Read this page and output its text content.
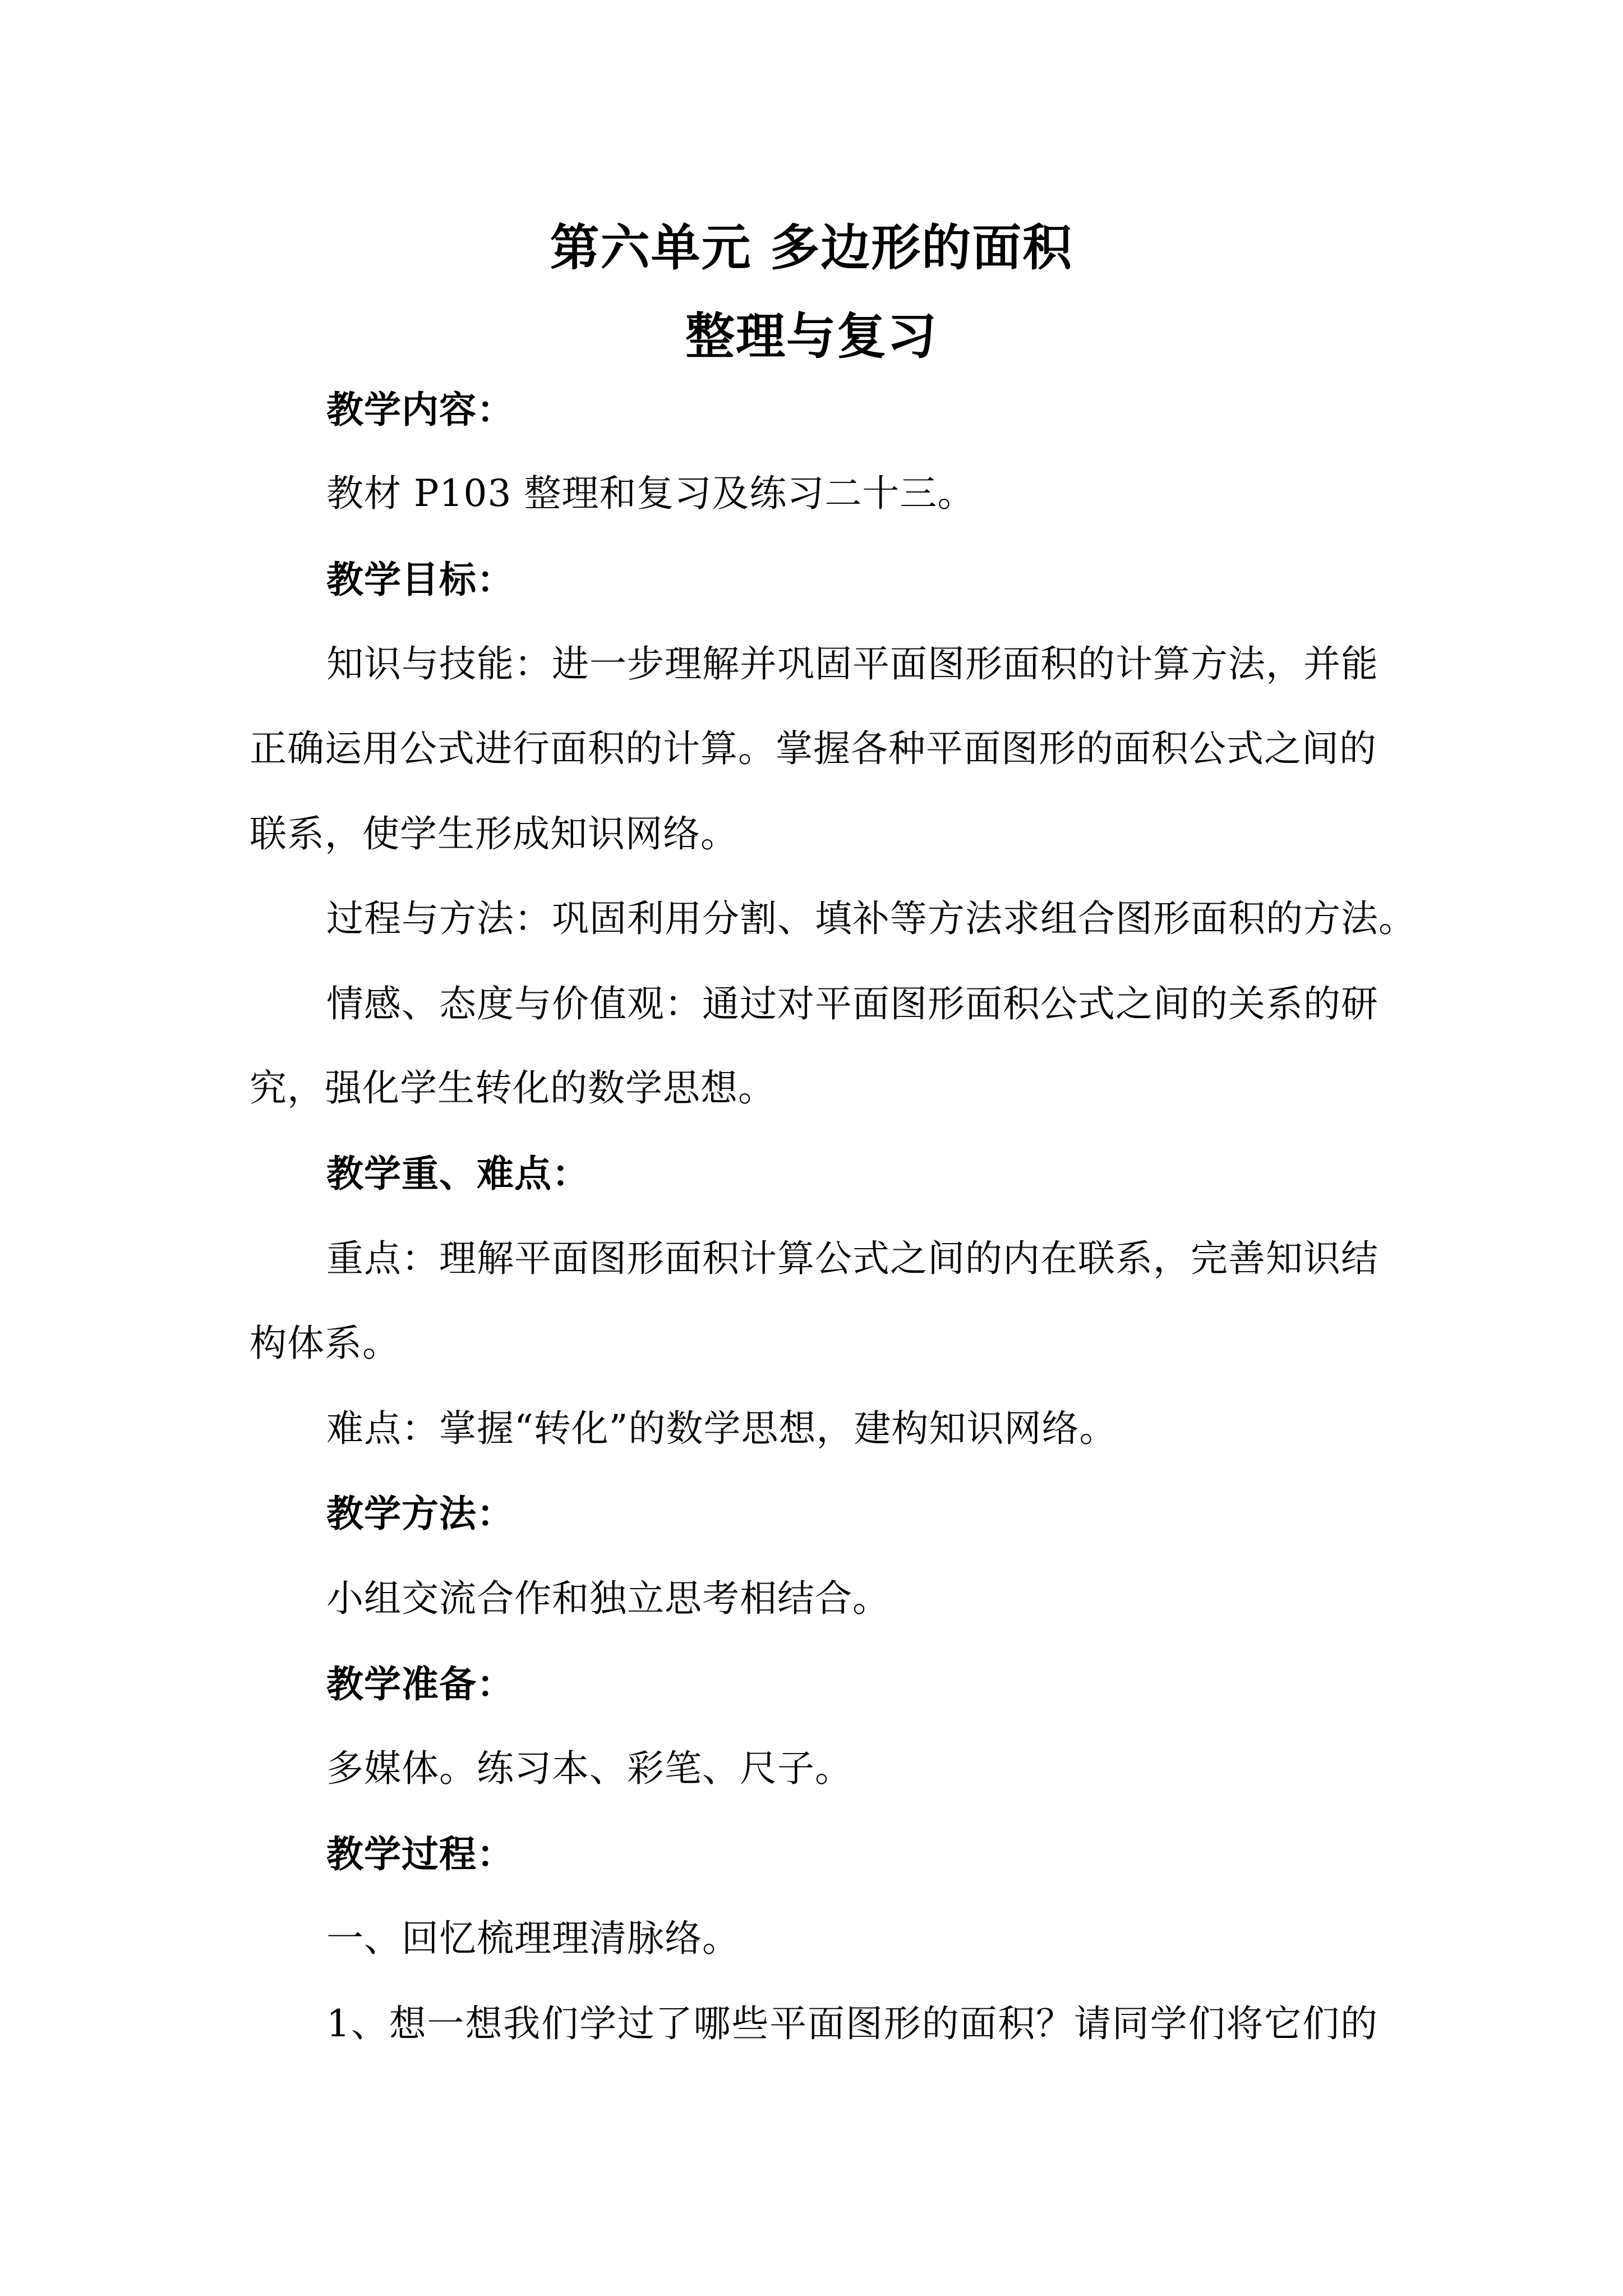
第六单元 多边形的面积
整理与复习
教学内容：
教材 P103 整理和复习及练习二十三。
教学目标：
知识与技能：进一步理解并巩固平面图形面积的计算方法，并能
正确运用公式进行面积的计算。掌握各种平面图形的面积公式之间的
联系，使学生形成知识网络。
过程与方法：巩固利用分割、填补等方法求组合图形面积的方法。
情感、态度与价值观：通过对平面图形面积公式之间的关系的研
究，强化学生转化的数学思想。
教学重、难点：
重点：理解平面图形面积计算公式之间的内在联系，完善知识结
构体系。
难点：掌握“转化”的数学思想，建构知识网络。
教学方法：
小组交流合作和独立思考相结合。
教学准备：
多媒体。练习本、彩笔、尺子。
教学过程：
一、回忆梳理理清脉络。
1、想一想我们学过了哪些平面图形的面积？请同学们将它们的
